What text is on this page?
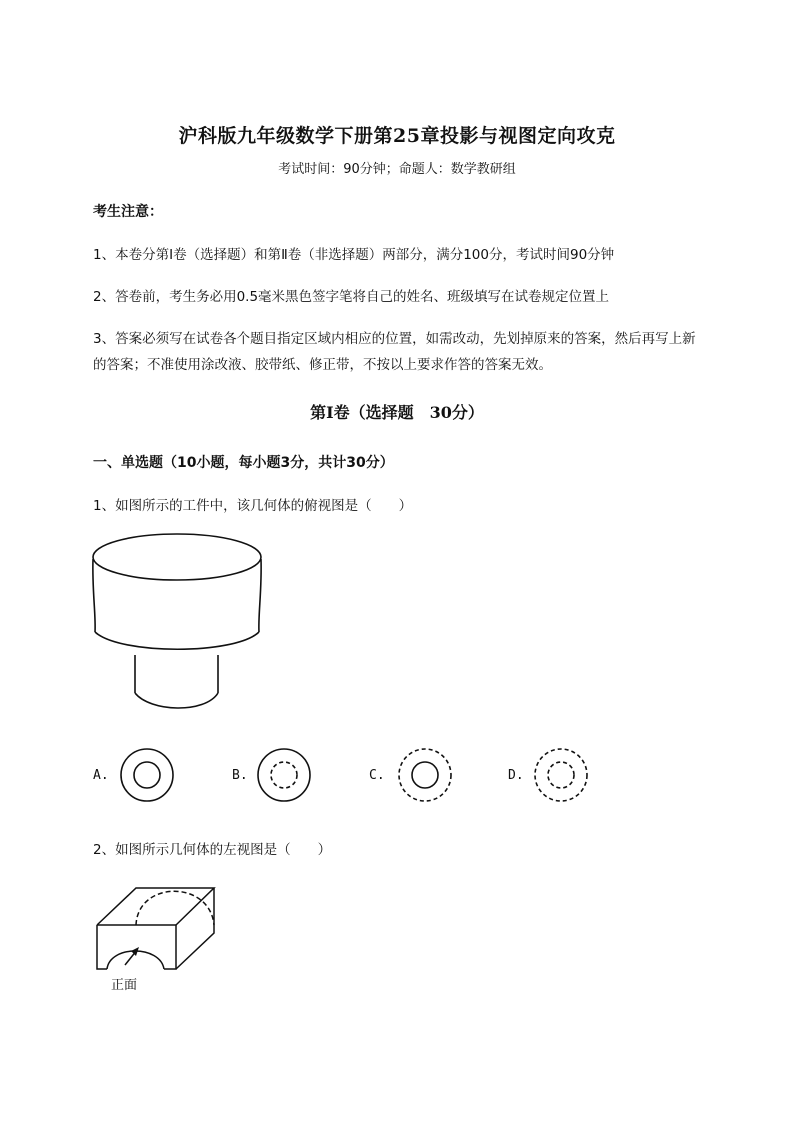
沪科版九年级数学下册第25章投影与视图定向攻克
考试时间：90分钟；命题人：数学教研组
考生注意：
1、本卷分第I卷（选择题）和第Ⅱ卷（非选择题）两部分，满分100分，考试时间90分钟
2、答卷前，考生务必用0.5毫米黑色签字笔将自己的姓名、班级填写在试卷规定位置上
3、答案必须写在试卷各个题目指定区域内相应的位置，如需改动，先划掉原来的答案，然后再写上新
的答案；不准使用涂改液、胶带纸、修正带，不按以上要求作答的答案无效。
第I卷（选择题　30分）
一、单选题（10小题，每小题3分，共计30分）
1、如图所示的工件中，该几何体的俯视图是（　　）
A.	B.	C.	D.
2、如图所示几何体的左视图是（　　）
正面
